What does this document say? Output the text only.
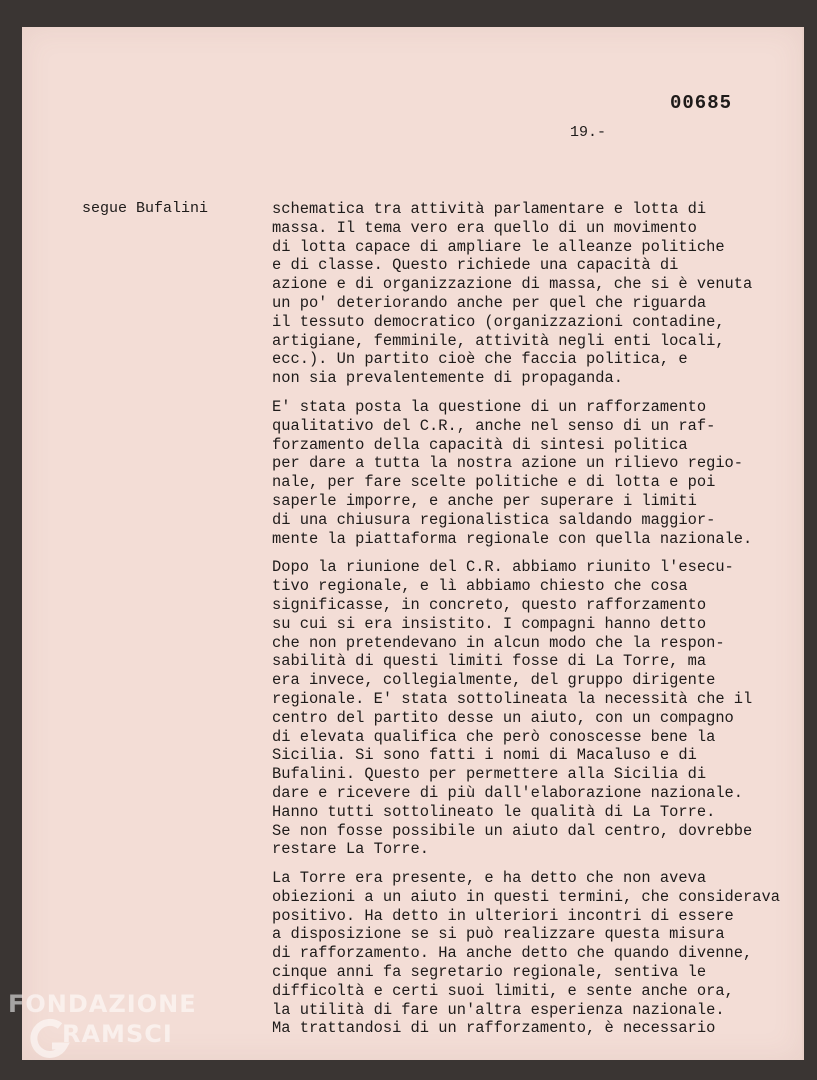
00685
19.-
segue Bufalini	schematica tra attività parlamentare e lotta di
massa. Il tema vero era quello di un movimento
di lotta capace di ampliare le alleanze politiche
e di classe. Questo richiede una capacità di
azione e di organizzazione di massa, che si è venuta
un po' deteriorando anche per quel che riguarda
il tessuto democratico (organizzazioni contadine,
artigiane, femminile, attività negli enti locali,
ecc.). Un partito cioè che faccia politica, e
non sia prevalentemente di propaganda.
E' stata posta la questione di un rafforzamento
qualitativo del C.R., anche nel senso di un raf-
forzamento della capacità di sintesi politica
per dare a tutta la nostra azione un rilievo regio-
nale, per fare scelte politiche e di lotta e poi
saperle imporre, e anche per superare i limiti
di una chiusura regionalistica saldando maggior-
mente la piattaforma regionale con quella nazionale.
Dopo la riunione del C.R. abbiamo riunito l'esecu-
tivo regionale, e lì abbiamo chiesto che cosa
significasse, in concreto, questo rafforzamento
su cui si era insistito. I compagni hanno detto
che non pretendevano in alcun modo che la respon-
sabilità di questi limiti fosse di La Torre, ma
era invece, collegialmente, del gruppo dirigente
regionale. E' stata sottolineata la necessità che il
centro del partito desse un aiuto, con un compagno
di elevata qualifica che però conoscesse bene la
Sicilia. Si sono fatti i nomi di Macaluso e di
Bufalini. Questo per permettere alla Sicilia di
dare e ricevere di più dall'elaborazione nazionale.
Hanno tutti sottolineato le qualità di La Torre.
Se non fosse possibile un aiuto dal centro, dovrebbe
restare La Torre.
La Torre era presente, e ha detto che non aveva
obiezioni a un aiuto in questi termini, che considerava
positivo. Ha detto in ulteriori incontri di essere
a disposizione se si può realizzare questa misura
di rafforzamento. Ha anche detto che quando divenne,
cinque anni fa segretario regionale, sentiva le
difficoltà e certi suoi limiti, e sente anche ora,
la utilità di fare un'altra esperienza nazionale.
Ma trattandosi di un rafforzamento, è necessario
FONDAZIONE
RAMSCI
